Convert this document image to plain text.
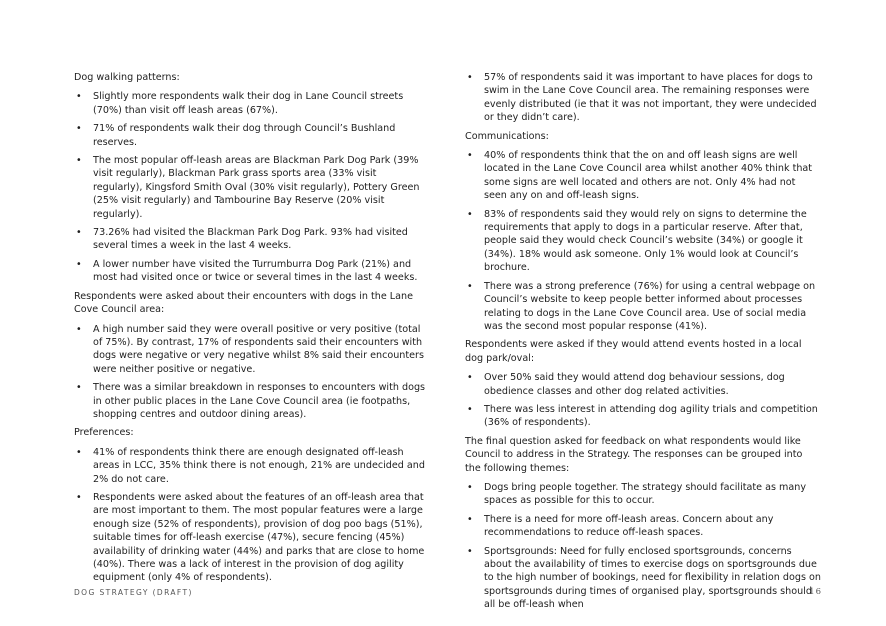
Dog walking patterns:

• Slightly more respondents walk their dog in Lane Council streets (70%) than visit off leash areas (67%).
• 71% of respondents walk their dog through Council’s Bushland reserves.
• The most popular off-leash areas are Blackman Park Dog Park (39% visit regularly), Blackman Park grass sports area (33% visit regularly), Kingsford Smith Oval (30% visit regularly), Pottery Green (25% visit regularly) and Tambourine Bay Reserve (20% visit regularly).
• 73.26% had visited the Blackman Park Dog Park. 93% had visited several times a week in the last 4 weeks.
• A lower number have visited the Turrumburra Dog Park (21%) and most had visited once or twice or several times in the last 4 weeks.

Respondents were asked about their encounters with dogs in the Lane Cove Council area:

• A high number said they were overall positive or very positive (total of 75%). By contrast, 17% of respondents said their encounters with dogs were negative or very negative whilst 8% said their encounters were neither positive or negative.
• There was a similar breakdown in responses to encounters with dogs in other public places in the Lane Cove Council area (ie footpaths, shopping centres and outdoor dining areas).

Preferences:

• 41% of respondents think there are enough designated off-leash areas in LCC, 35% think there is not enough, 21% are undecided and 2% do not care.
• Respondents were asked about the features of an off-leash area that are most important to them. The most popular features were a large enough size (52% of respondents), provision of dog poo bags (51%), suitable times for off-leash exercise (47%), secure fencing (45%) availability of drinking water (44%) and parks that are close to home (40%). There was a lack of interest in the provision of dog agility equipment (only 4% of respondents).
• 57% of respondents said it was important to have places for dogs to swim in the Lane Cove Council area. The remaining responses were evenly distributed (ie that it was not important, they were undecided or they didn’t care).

Communications:

• 40% of respondents think that the on and off leash signs are well located in the Lane Cove Council area whilst another 40% think that some signs are well located and others are not. Only 4% had not seen any on and off-leash signs.
• 83% of respondents said they would rely on signs to determine the requirements that apply to dogs in a particular reserve. After that, people said they would check Council’s website (34%) or google it (34%). 18% would ask someone. Only 1% would look at Council’s brochure.
• There was a strong preference (76%) for using a central webpage on Council’s website to keep people better informed about processes relating to dogs in the Lane Cove Council area. Use of social media was the second most popular response (41%).

Respondents were asked if they would attend events hosted in a local dog park/oval:

• Over 50% said they would attend dog behaviour sessions, dog obedience classes and other dog related activities.
• There was less interest in attending dog agility trials and competition (36% of respondents).

The final question asked for feedback on what respondents would like Council to address in the Strategy. The responses can be grouped into the following themes:

• Dogs bring people together. The strategy should facilitate as many spaces as possible for this to occur.
• There is a need for more off-leash areas. Concern about any recommendations to reduce off-leash spaces.
• Sportsgrounds: Need for fully enclosed sportsgrounds, concerns about the availability of times to exercise dogs on sportsgrounds due to the high number of bookings, need for flexibility in relation dogs on sportsgrounds during times of organised play, sportsgrounds should all be off-leash when
DOG STRATEGY (DRAFT)	16
